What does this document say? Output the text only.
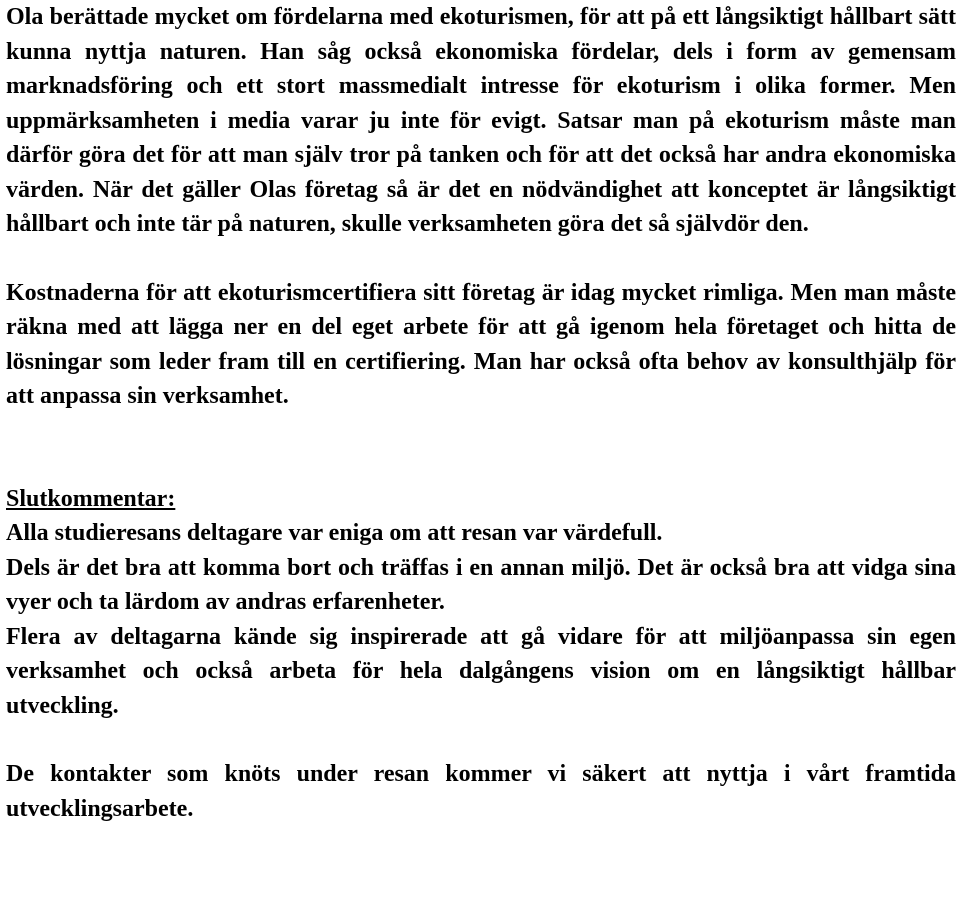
Ola berättade mycket om fördelarna med ekoturismen, för att på ett långsiktigt hållbart sätt kunna nyttja naturen. Han såg också ekonomiska fördelar, dels i form av gemensam marknadsföring och ett stort massmedialt intresse för ekoturism i olika former. Men uppmärksamheten i media varar ju inte för evigt. Satsar man på ekoturism måste man därför göra det för att man själv tror på tanken och för att det också har andra ekonomiska värden. När det gäller Olas företag så är det en nödvändighet att konceptet är långsiktigt hållbart och inte tär på naturen, skulle verksamheten göra det så självdör den.

Kostnaderna för att ekoturismcertifiera sitt företag är idag mycket rimliga. Men man måste räkna med att lägga ner en del eget arbete för att gå igenom hela företaget och hitta de lösningar som leder fram till en certifiering. Man har också ofta behov av konsulthjälp för att anpassa sin verksamhet.

Slutkommentar:

Alla studieresans deltagare var eniga om att resan var värdefull.

Dels är det bra att komma bort och träffas i en annan miljö. Det är också bra att vidga sina vyer och ta lärdom av andras erfarenheter.

Flera av deltagarna kände sig inspirerade att gå vidare för att miljöanpassa sin egen verksamhet och också arbeta för hela dalgångens vision om en långsiktigt hållbar utveckling.

De kontakter som knöts under resan kommer vi säkert att nyttja i vårt framtida utvecklingsarbete.
